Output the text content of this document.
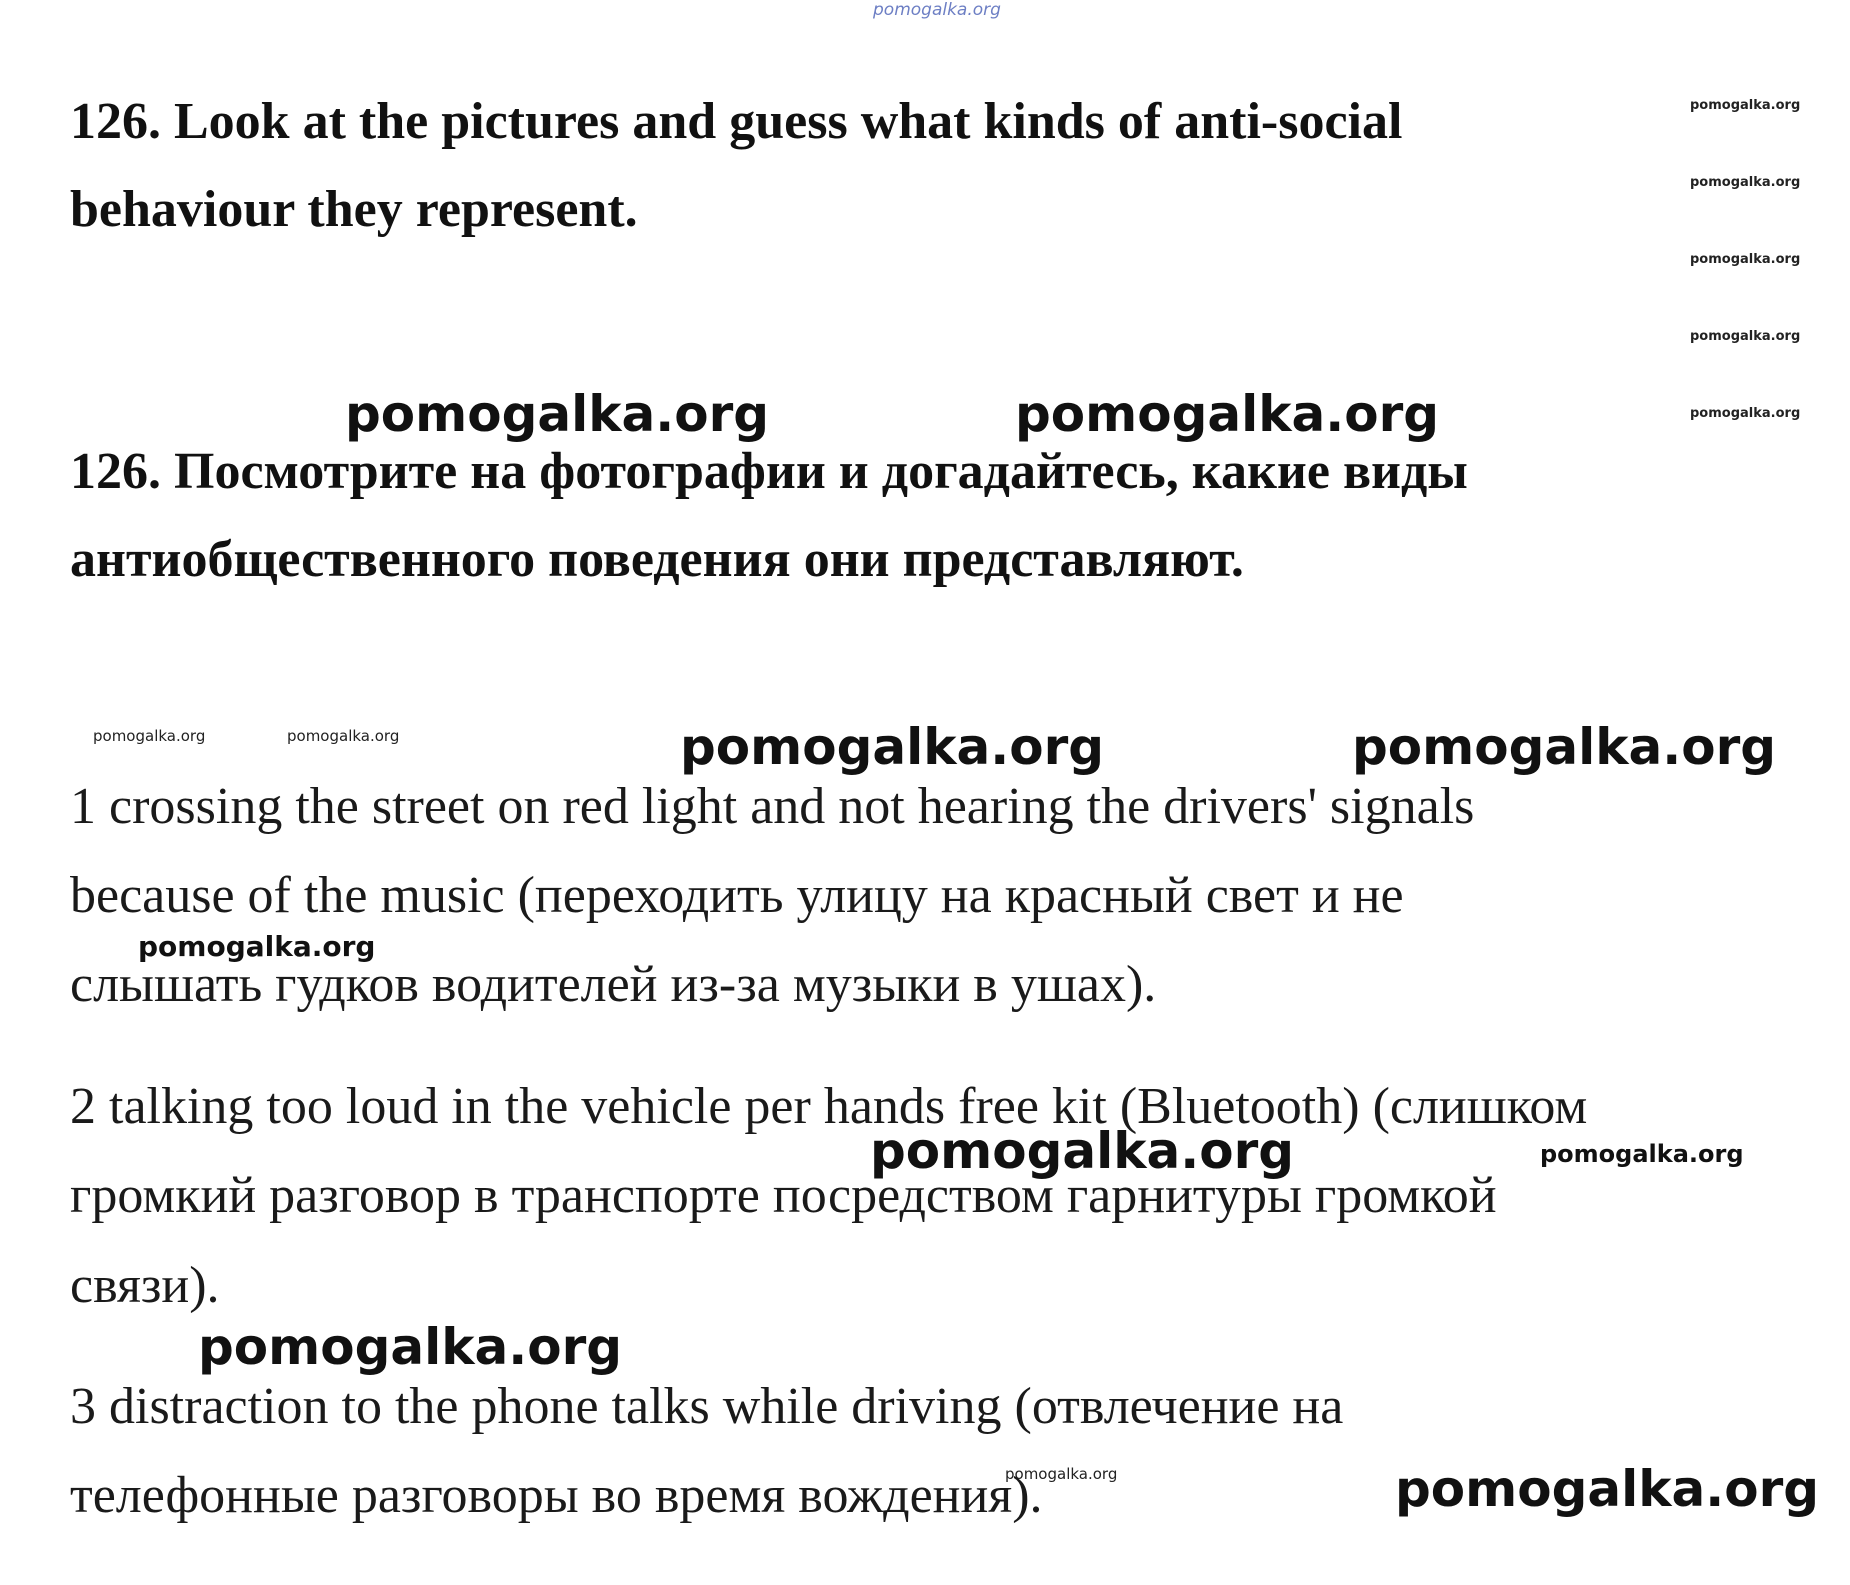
pomogalka.org
pomogalka.org
pomogalka.org
pomogalka.org
pomogalka.org
pomogalka.org

126. Look at the pictures and guess what kinds of anti-social

behaviour they represent.

pomogalka.org	pomogalka.org

126. Посмотрите на фотографии и догадайтесь, какие виды

антиобщественного поведения они представляют.

pomogalka.org	pomogalka.org	pomogalka.org	pomogalka.org

1 crossing the street on red light and not hearing the drivers' signals

because of the music (переходить улицу на красный свет и не

pomogalka.org

слышать гудков водителей из-за музыки в ушах).

2 talking too loud in the vehicle per hands free kit (Bluetooth) (слишком

pomogalka.org	pomogalka.org

громкий разговор в транспорте посредством гарнитуры громкой

связи).

pomogalka.org

3 distraction to the phone talks while driving (отвлечение на

pomogalka.org

телефонные разговоры во время вождения).	pomogalka.org
